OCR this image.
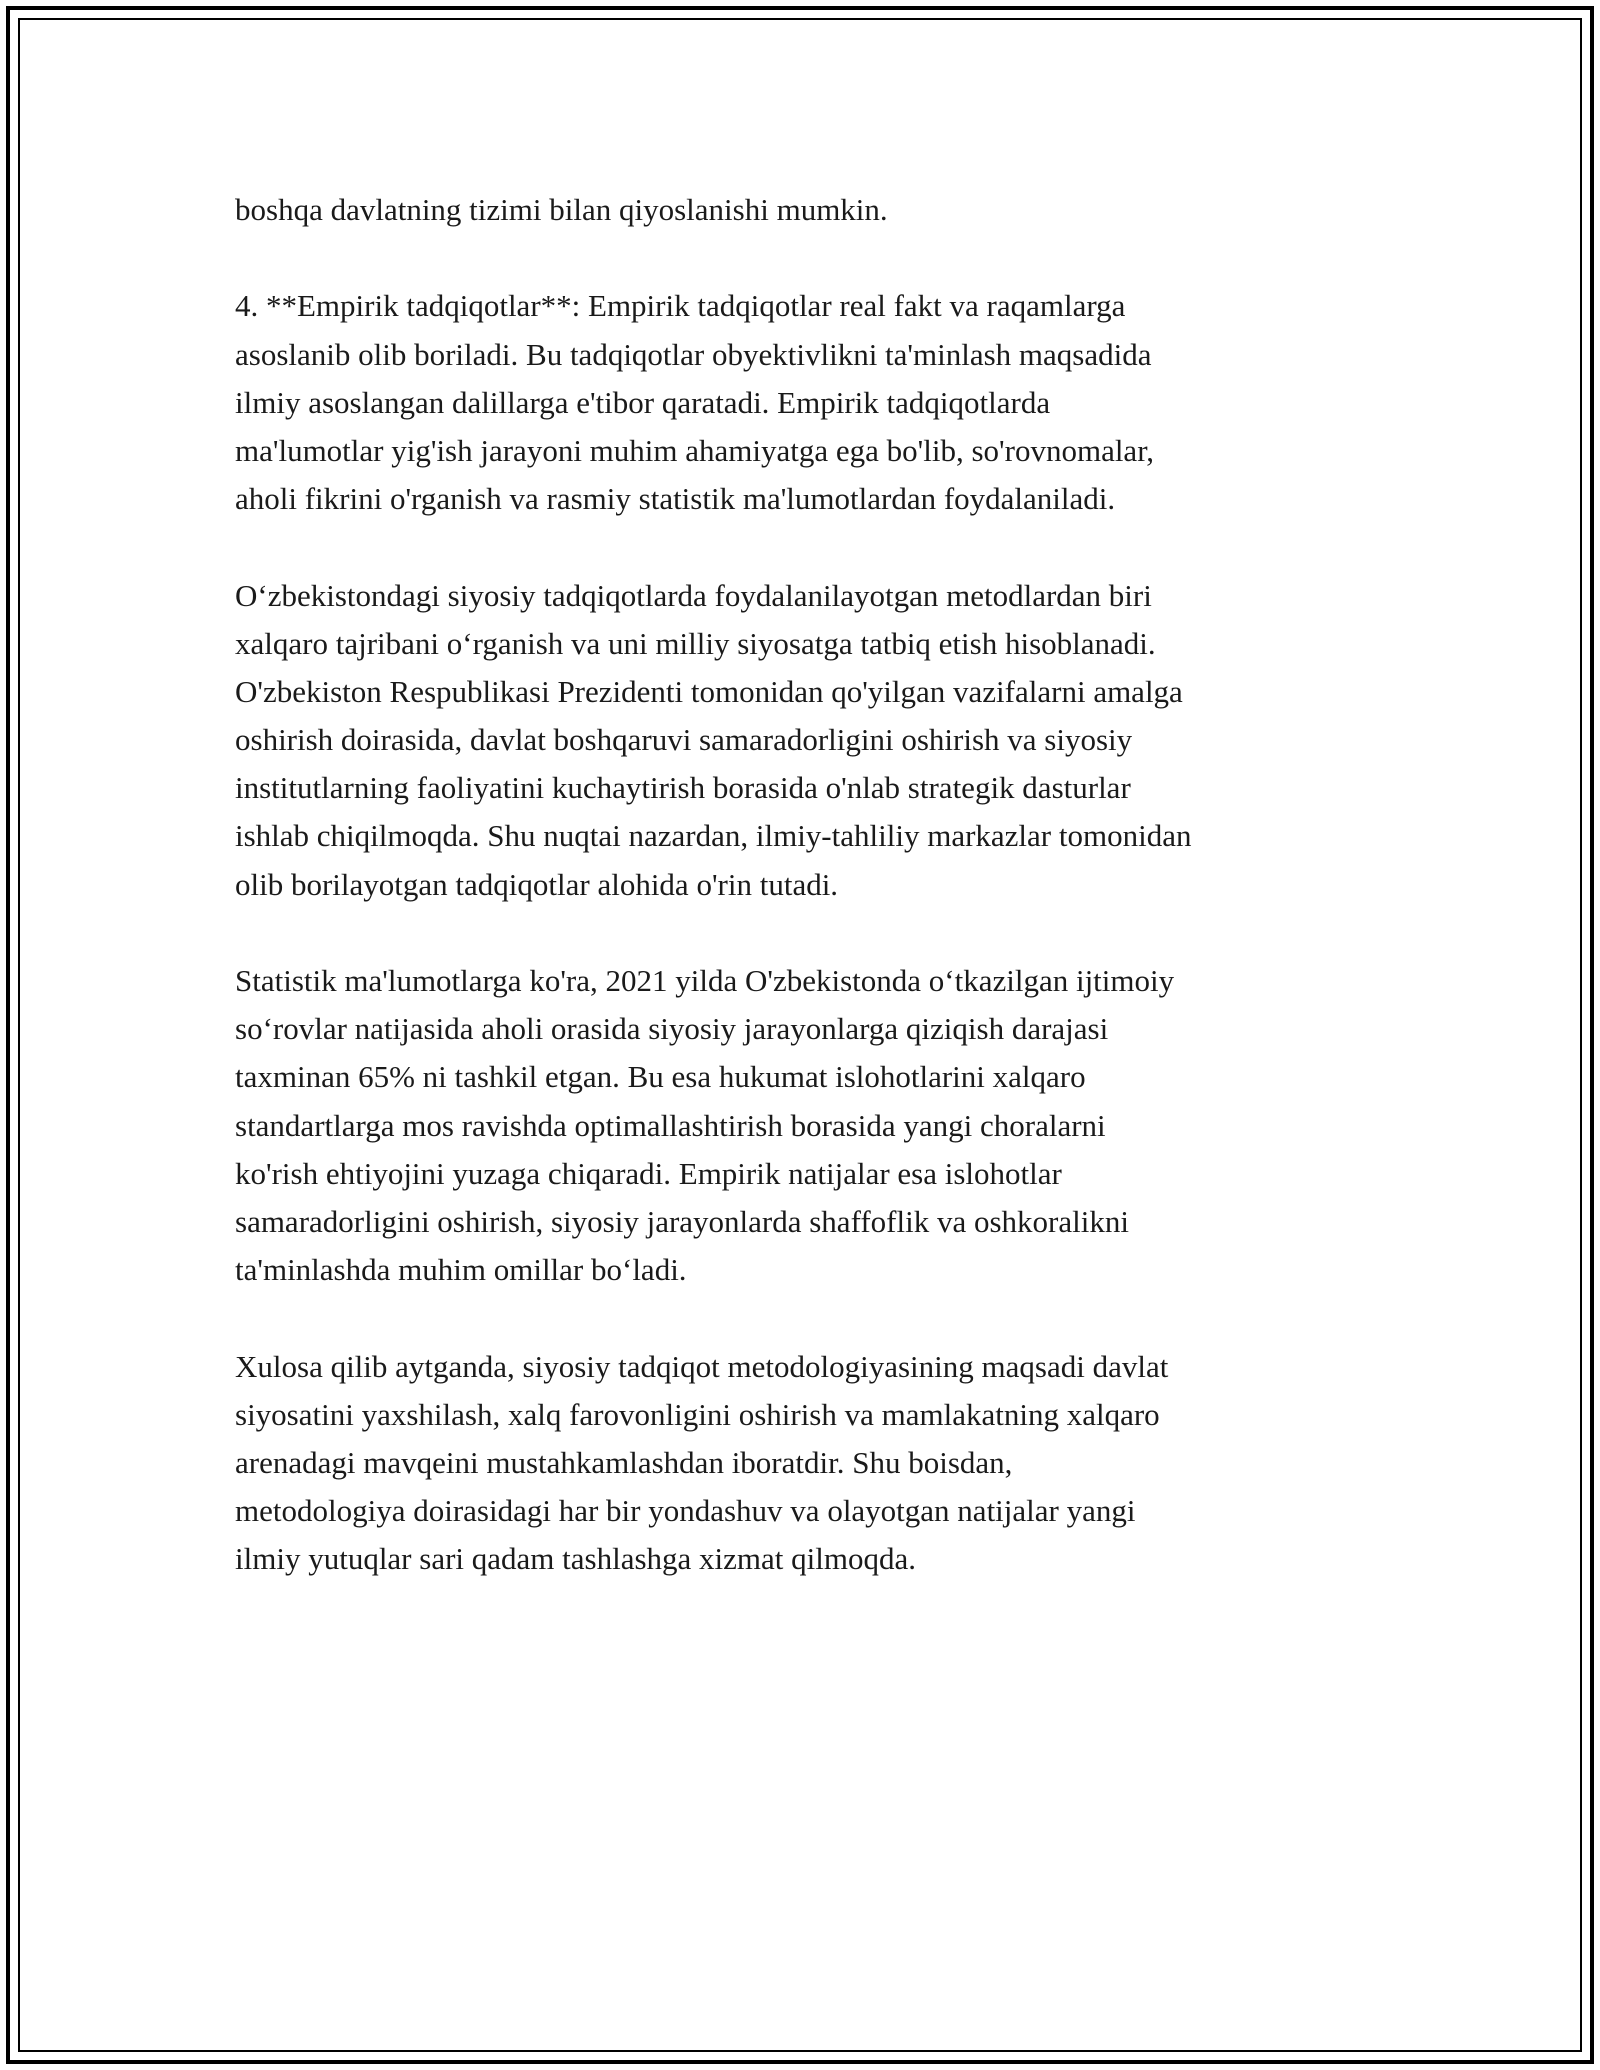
boshqa davlatning tizimi bilan qiyoslanishi mumkin.
4. **Empirik tadqiqotlar**: Empirik tadqiqotlar real fakt va raqamlarga
asoslanib olib boriladi. Bu tadqiqotlar obyektivlikni ta'minlash maqsadida
ilmiy asoslangan dalillarga e'tibor qaratadi. Empirik tadqiqotlarda
ma'lumotlar yig'ish jarayoni muhim ahamiyatga ega bo'lib, so'rovnomalar,
aholi fikrini o'rganish va rasmiy statistik ma'lumotlardan foydalaniladi.
O‘zbekistondagi siyosiy tadqiqotlarda foydalanilayotgan metodlardan biri
xalqaro tajribani o‘rganish va uni milliy siyosatga tatbiq etish hisoblanadi.
O'zbekiston Respublikasi Prezidenti tomonidan qo'yilgan vazifalarni amalga
oshirish doirasida, davlat boshqaruvi samaradorligini oshirish va siyosiy
institutlarning faoliyatini kuchaytirish borasida o'nlab strategik dasturlar
ishlab chiqilmoqda. Shu nuqtai nazardan, ilmiy-tahliliy markazlar tomonidan
olib borilayotgan tadqiqotlar alohida o'rin tutadi.
Statistik ma'lumotlarga ko'ra, 2021 yilda O'zbekistonda o‘tkazilgan ijtimoiy
so‘rovlar natijasida aholi orasida siyosiy jarayonlarga qiziqish darajasi
taxminan 65% ni tashkil etgan. Bu esa hukumat islohotlarini xalqaro
standartlarga mos ravishda optimallashtirish borasida yangi choralarni
ko'rish ehtiyojini yuzaga chiqaradi. Empirik natijalar esa islohotlar
samaradorligini oshirish, siyosiy jarayonlarda shaffoflik va oshkoralikni
ta'minlashda muhim omillar bo‘ladi.
Xulosa qilib aytganda, siyosiy tadqiqot metodologiyasining maqsadi davlat
siyosatini yaxshilash, xalq farovonligini oshirish va mamlakatning xalqaro
arenadagi mavqeini mustahkamlashdan iboratdir. Shu boisdan,
metodologiya doirasidagi har bir yondashuv va olayotgan natijalar yangi
ilmiy yutuqlar sari qadam tashlashga xizmat qilmoqda.
